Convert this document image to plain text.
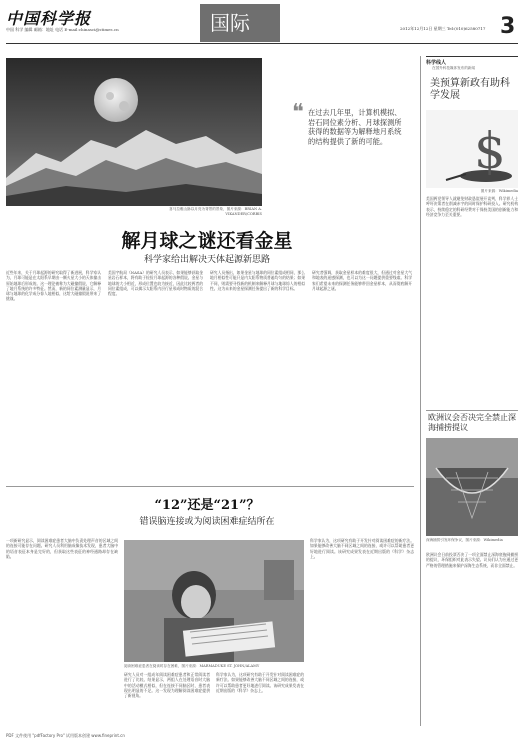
中国科学报
中国 科学 编辑 邮箱：地址 电话 E-mail:chinasci@stimes.cn	国际	2012年12月12日 星期三 Tel:(010)62580717 3
喜马拉雅山脉以月亮为背景的景象，图片来源：BRIAN A. VIKANDER/CORBIS
❝ 在过去几年里，计算机模拟、岩石同位素分析、月球探测所获得的数据等为解释地月系统的结构提供了新的可能。
解月球之谜还看金星
科学家给出解决天体起源新思路

近些年来，关于月球起源的研究取得了新进展，科学家认为，月球可能是在太阳系早期由一颗火星大小的天体撞击原始地球后形成的。这一理论被称为大碰撞假说，它解释了地月系统的许多特征。然而，新的同位素测量显示，月球与地球的化学成分惊人地相似，这给大碰撞假说带来了挑战。

美国宇航局（NASA）的研究人员表示，如果能够获取金星岩石样本，将有助于检验月球起源的各种假说。金星与地球的大小相近，形成位置也较为接近，因此比较两者的同位素组成，可以揭示太阳系内层行星形成时物质的混合程度。

研究人员指出，如果金星与地球的同位素组成相同，那么地月相似性可能只是内太阳系物质普遍均匀的结果；如果不同，则需要寻找新的机制来解释月球与地球惊人的相似性。这为未来的金星探测任务提出了新的科学目标。

研究者强调，获取金星样本的难度很大，但通过对金星大气和地表的遥感探测，也可以为这一问题提供重要线索。科学家们希望未来的探测任务能够带回金星样本，从而彻底解开月球起源之谜。

“12”还是“21”？
错误脑连接或为阅读困难症结所在

一项新研究显示，阅读困难症患者大脑中负责处理声音的区域之间的连接可能存在问题。研究人员利用脑成像技术发现，患者大脑中的语音表征本身是完好的，但获取这些表征的神经通路却存在缺陷。

阅读困难症患者在阅读时存在困难，图片来源：MARMADUKE ST. JOHN/ALAMY

研究人员对一组成年阅读困难症患者和正常阅读者进行了比较。结果显示，两组人在处理语音时大脑中的活动模式相似，但在连接不同脑区时，患者表现出明显的不足。这一发现为理解阅读困难症提供了新视角。

科学家认为，这项研究有助于开发针对阅读困难症的新疗法。如果能够改善大脑不同区域之间的连接，或许可以帮助患者更好地进行阅读。该研究成果发表在近期出版的《科学》杂志上。

科学家认为，这项研究有助于开发针对阅读困难症的新疗法。如果能够改善大脑不同区域之间的连接，或许可以帮助患者更好地进行阅读。该研究成果发表在近期出版的《科学》杂志上。

科学线人
在国外科技媒体发布的新闻
美预算新政有助科学发展
$
图片来源：Wikimedia

美国两党领导人就避免财政悬崖展开谈判，科学界人士呼吁决策者在削减赤字的同时保护科研投入。研究机构表示，持续稳定的科研经费对于保持美国的创新能力和经济竞争力至关重要。

欧洲议会否决完全禁止深海捕捞提议
深海捕捞引发环保争议，图片来源：Wikimedia

欧洲议会日前投票否决了一项全面禁止深海底拖网捕捞的提议，环保组织对此表示失望。议员们认为应通过更严格的管理措施来保护深海生态系统，而非全面禁止。

PDF 文件使用 "pdfFactory Pro" 试用版本创建 www.fineprint.cn
